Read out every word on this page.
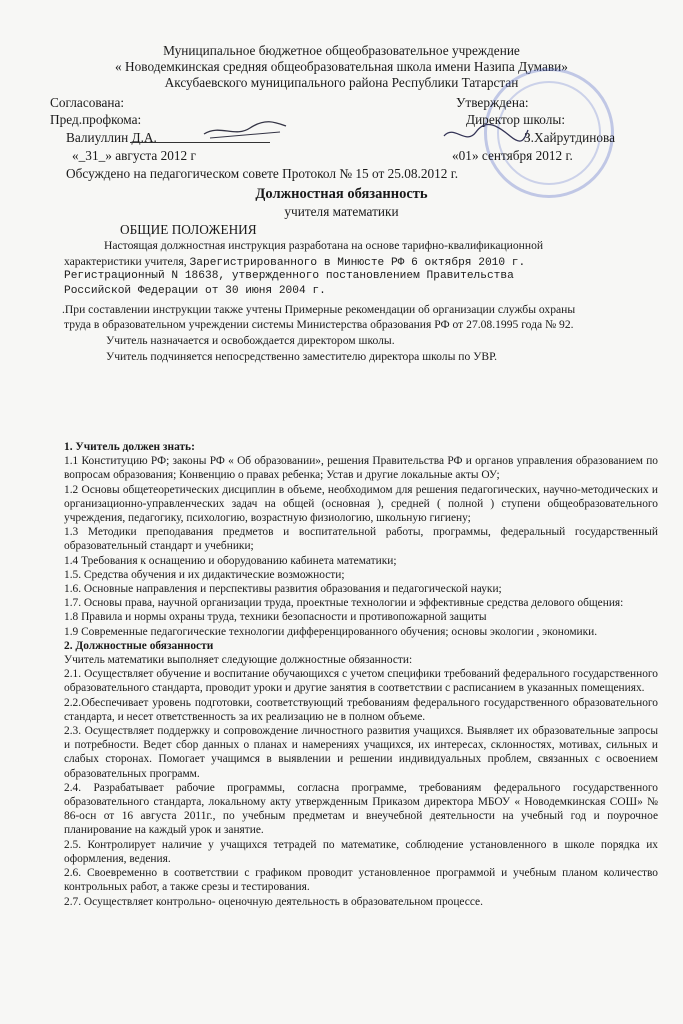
Муниципальное бюджетное общеобразовательное учреждение
« Новодемкинская средняя общеобразовательная школа имени Назипа Думави»
Аксубаевского муниципального района Республики Татарстан
Согласована:
Пред.профкома:
Валиуллин Д.А.
«_31_» августа 2012 г
Утверждена:
Директор школы:
З.Хайрутдинова
«01» сентября 2012 г.
Обсуждено на педагогическом совете Протокол № 15 от 25.08.2012 г.
Должностная обязанность
учителя математики
ОБЩИЕ ПОЛОЖЕНИЯ
Настоящая должностная инструкция разработана на основе тарифно-квалификационной
характеристики учителя, Зарегистрированного в Минюсте РФ 6 октября 2010 г.
Регистрационный N 18638, утвержденного постановлением Правительства
Российской Федерации от 30 июня 2004 г.
.При составлении инструкции также учтены Примерные рекомендации об организации службы охраны
труда в образовательном учреждении системы Министерства образования РФ от 27.08.1995 года № 92.
Учитель назначается и освобождается директором школы.
Учитель подчиняется непосредственно заместителю директора школы по УВР.

1. Учитель должен знать:

1.1 Конституцию РФ; законы РФ « Об образовании», решения Правительства РФ и органов управления образованием по вопросам образования; Конвенцию о правах ребенка; Устав и другие локальные акты ОУ;

1.2 Основы общетеоретических дисциплин в объеме, необходимом для решения педагогических, научно-методических и организационно-управленческих задач на общей (основная ), средней ( полной ) ступени общеобразовательного учреждения, педагогику, психологию, возрастную физиологию, школьную гигиену;

1.3 Методики преподавания предметов и воспитательной работы, программы, федеральный государственный образовательный стандарт и учебники;

1.4 Требования к оснащению и оборудованию кабинета математики;

1.5. Средства обучения и их дидактические возможности;

1.6. Основные направления и перспективы развития образования и педагогической науки;

1.7. Основы права, научной организации труда, проектные технологии и эффективные средства делового общения:

1.8 Правила и нормы охраны труда, техники безопасности и противопожарной защиты

1.9 Современные педагогические технологии дифференцированного обучения; основы экологии , экономики.

2. Должностные обязанности

Учитель математики выполняет следующие должностные обязанности:

2.1. Осуществляет обучение и воспитание обучающихся с учетом специфики требований федерального государственного образовательного стандарта, проводит уроки и другие занятия в соответствии с расписанием в указанных помещениях.

2.2.Обеспечивает уровень подготовки, соответствующий требованиям федерального государственного образовательного стандарта, и несет ответственность за их реализацию не в полном объеме.

2.3. Осуществляет поддержку и сопровождение личностного развития учащихся. Выявляет их образовательные запросы и потребности. Ведет сбор данных о планах и намерениях учащихся, их интересах, склонностях, мотивах, сильных и слабых сторонах. Помогает учащимся в выявлении и решении индивидуальных проблем, связанных с освоением образовательных программ.

2.4. Разрабатывает рабочие программы, согласна программе, требованиям федерального государственного образовательного стандарта, локальному акту утвержденным Приказом директора МБОУ « Новодемкинская СОШ» № 86-осн от 16 августа 2011г., по учебным предметам и внеучебной деятельности на учебный год и поурочное планирование на каждый урок и занятие.

2.5. Контролирует наличие у учащихся тетрадей по математике, соблюдение установленного в школе порядка их оформления, ведения.

2.6. Своевременно в соответствии с графиком проводит установленное программой и учебным планом количество контрольных работ, а также срезы и тестирования.

2.7. Осуществляет контрольно- оценочную деятельность в образовательном процессе.
